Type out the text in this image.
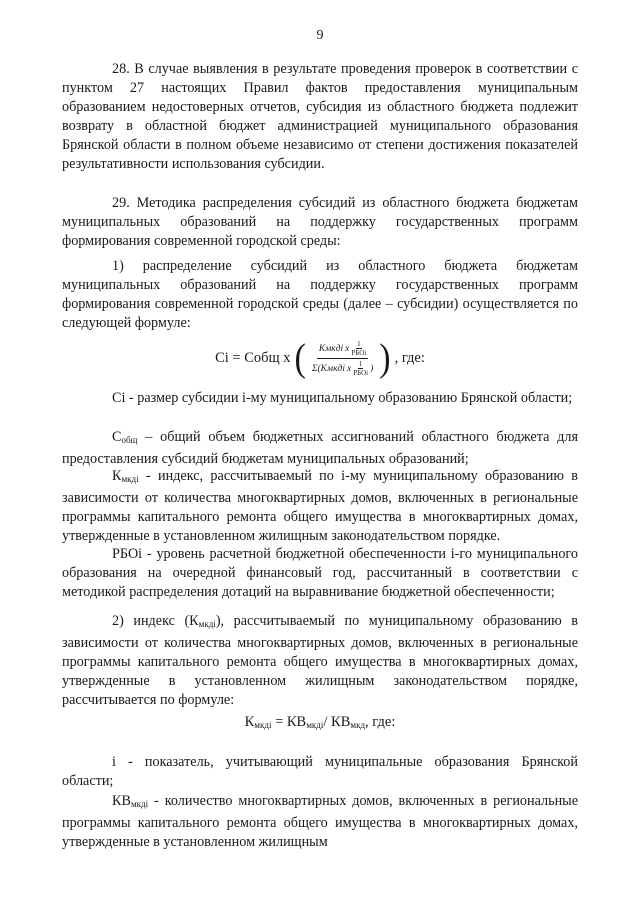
9

28. В случае выявления в результате проведения проверок в соответствии с пунктом 27 настоящих Правил фактов предоставления муниципальным образованием недостоверных отчетов, субсидия из областного бюджета подлежит возврату в областной бюджет администрацией муниципального образования Брянской области в полном объеме независимо от степени достижения показателей результативности использования субсидии.

29. Методика распределения субсидий из областного бюджета бюджетам муниципальных образований на поддержку государственных программ формирования современной городской среды:

1) распределение субсидий из областного бюджета бюджетам муниципальных образований на поддержку государственных программ формирования современной городской среды (далее – субсидии) осуществляется по следующей формуле:

Ci = Cобщ х ( Kмкдi x 1
РБОi
Σ(Kмкдi x 1
РБОi ) ) , где:

Ci - размер субсидии i-му муниципальному образованию Брянской области;

$С_{общ}$ – общий объем бюджетных ассигнований областного бюджета для предоставления субсидий бюджетам муниципальных образований;

$К_{мкдi}$ - индекс, рассчитываемый по i-му муниципальному образованию в зависимости от количества многоквартирных домов, включенных в региональные программы капитального ремонта общего имущества в многоквартирных домах, утвержденные в установленном жилищным законодательством порядке.

РБОi - уровень расчетной бюджетной обеспеченности i-го муниципального образования на очередной финансовый год, рассчитанный в соответствии с методикой распределения дотаций на выравнивание бюджетной обеспеченности;

2) индекс $(К_{мкдi})$, рассчитываемый по муниципальному образованию в зависимости от количества многоквартирных домов, включенных в региональные программы капитального ремонта общего имущества в многоквартирных домах, утвержденные в установленном жилищным законодательством порядке, рассчитывается по формуле:

$К_{мкдi} = КВ_{мкдi}/$ $КВ_{мкд}$, где:

i - показатель, учитывающий муниципальные образования Брянской области;

$КВ_{мкдi}$ - количество многоквартирных домов, включенных в региональные программы капитального ремонта общего имущества в многоквартирных домах, утвержденные в установленном жилищным
